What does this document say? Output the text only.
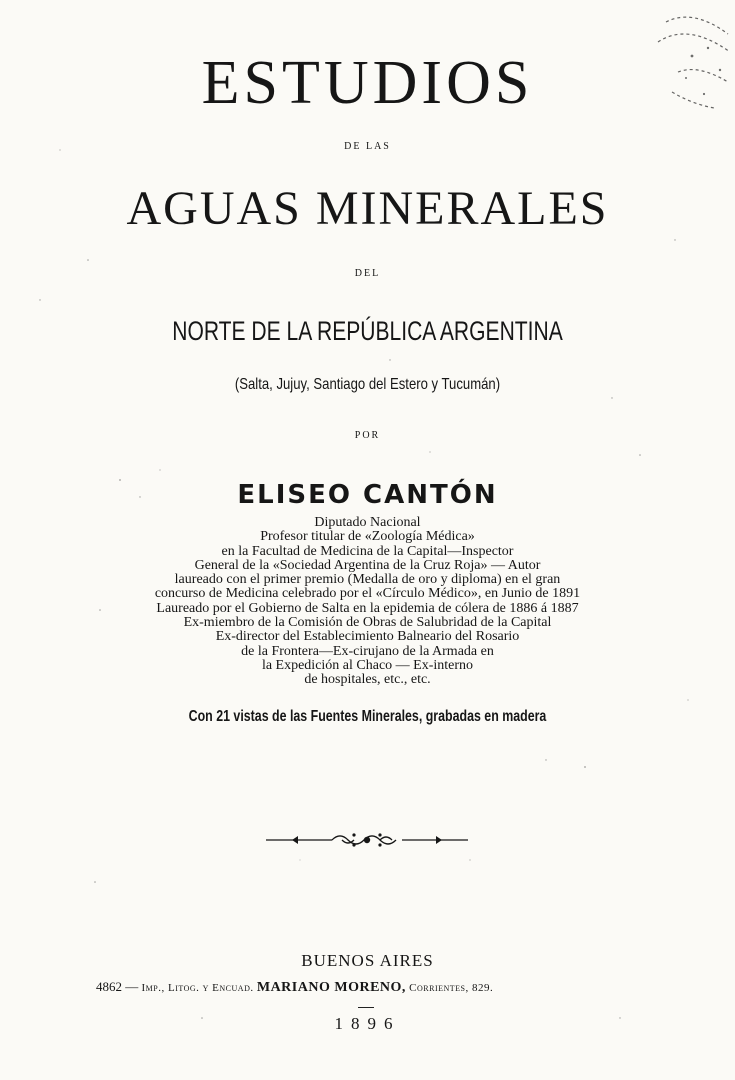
ESTUDIOS
DE LAS
AGUAS MINERALES
DEL
NORTE DE LA REPÚBLICA ARGENTINA
(Salta, Jujuy, Santiago del Estero y Tucumán)
POR
ELISEO CANTÓN
Diputado Nacional
Profesor titular de «Zoología Médica»
en la Facultad de Medicina de la Capital—Inspector
General de la «Sociedad Argentina de la Cruz Roja» — Autor
laureado con el primer premio (Medalla de oro y diploma) en el gran
concurso de Medicina celebrado por el «Círculo Médico», en Junio de 1891
Laureado por el Gobierno de Salta en la epidemia de cólera de 1886 á 1887
Ex-miembro de la Comisión de Obras de Salubridad de la Capital
Ex-director del Establecimiento Balneario del Rosario
de la Frontera—Ex-cirujano de la Armada en
la Expedición al Chaco — Ex-interno
de hospitales, etc., etc.
Con 21 vistas de las Fuentes Minerales, grabadas en madera
BUENOS AIRES
4862 — Imp., Litog. y Encuad. MARIANO MORENO, Corrientes, 829.
1896
